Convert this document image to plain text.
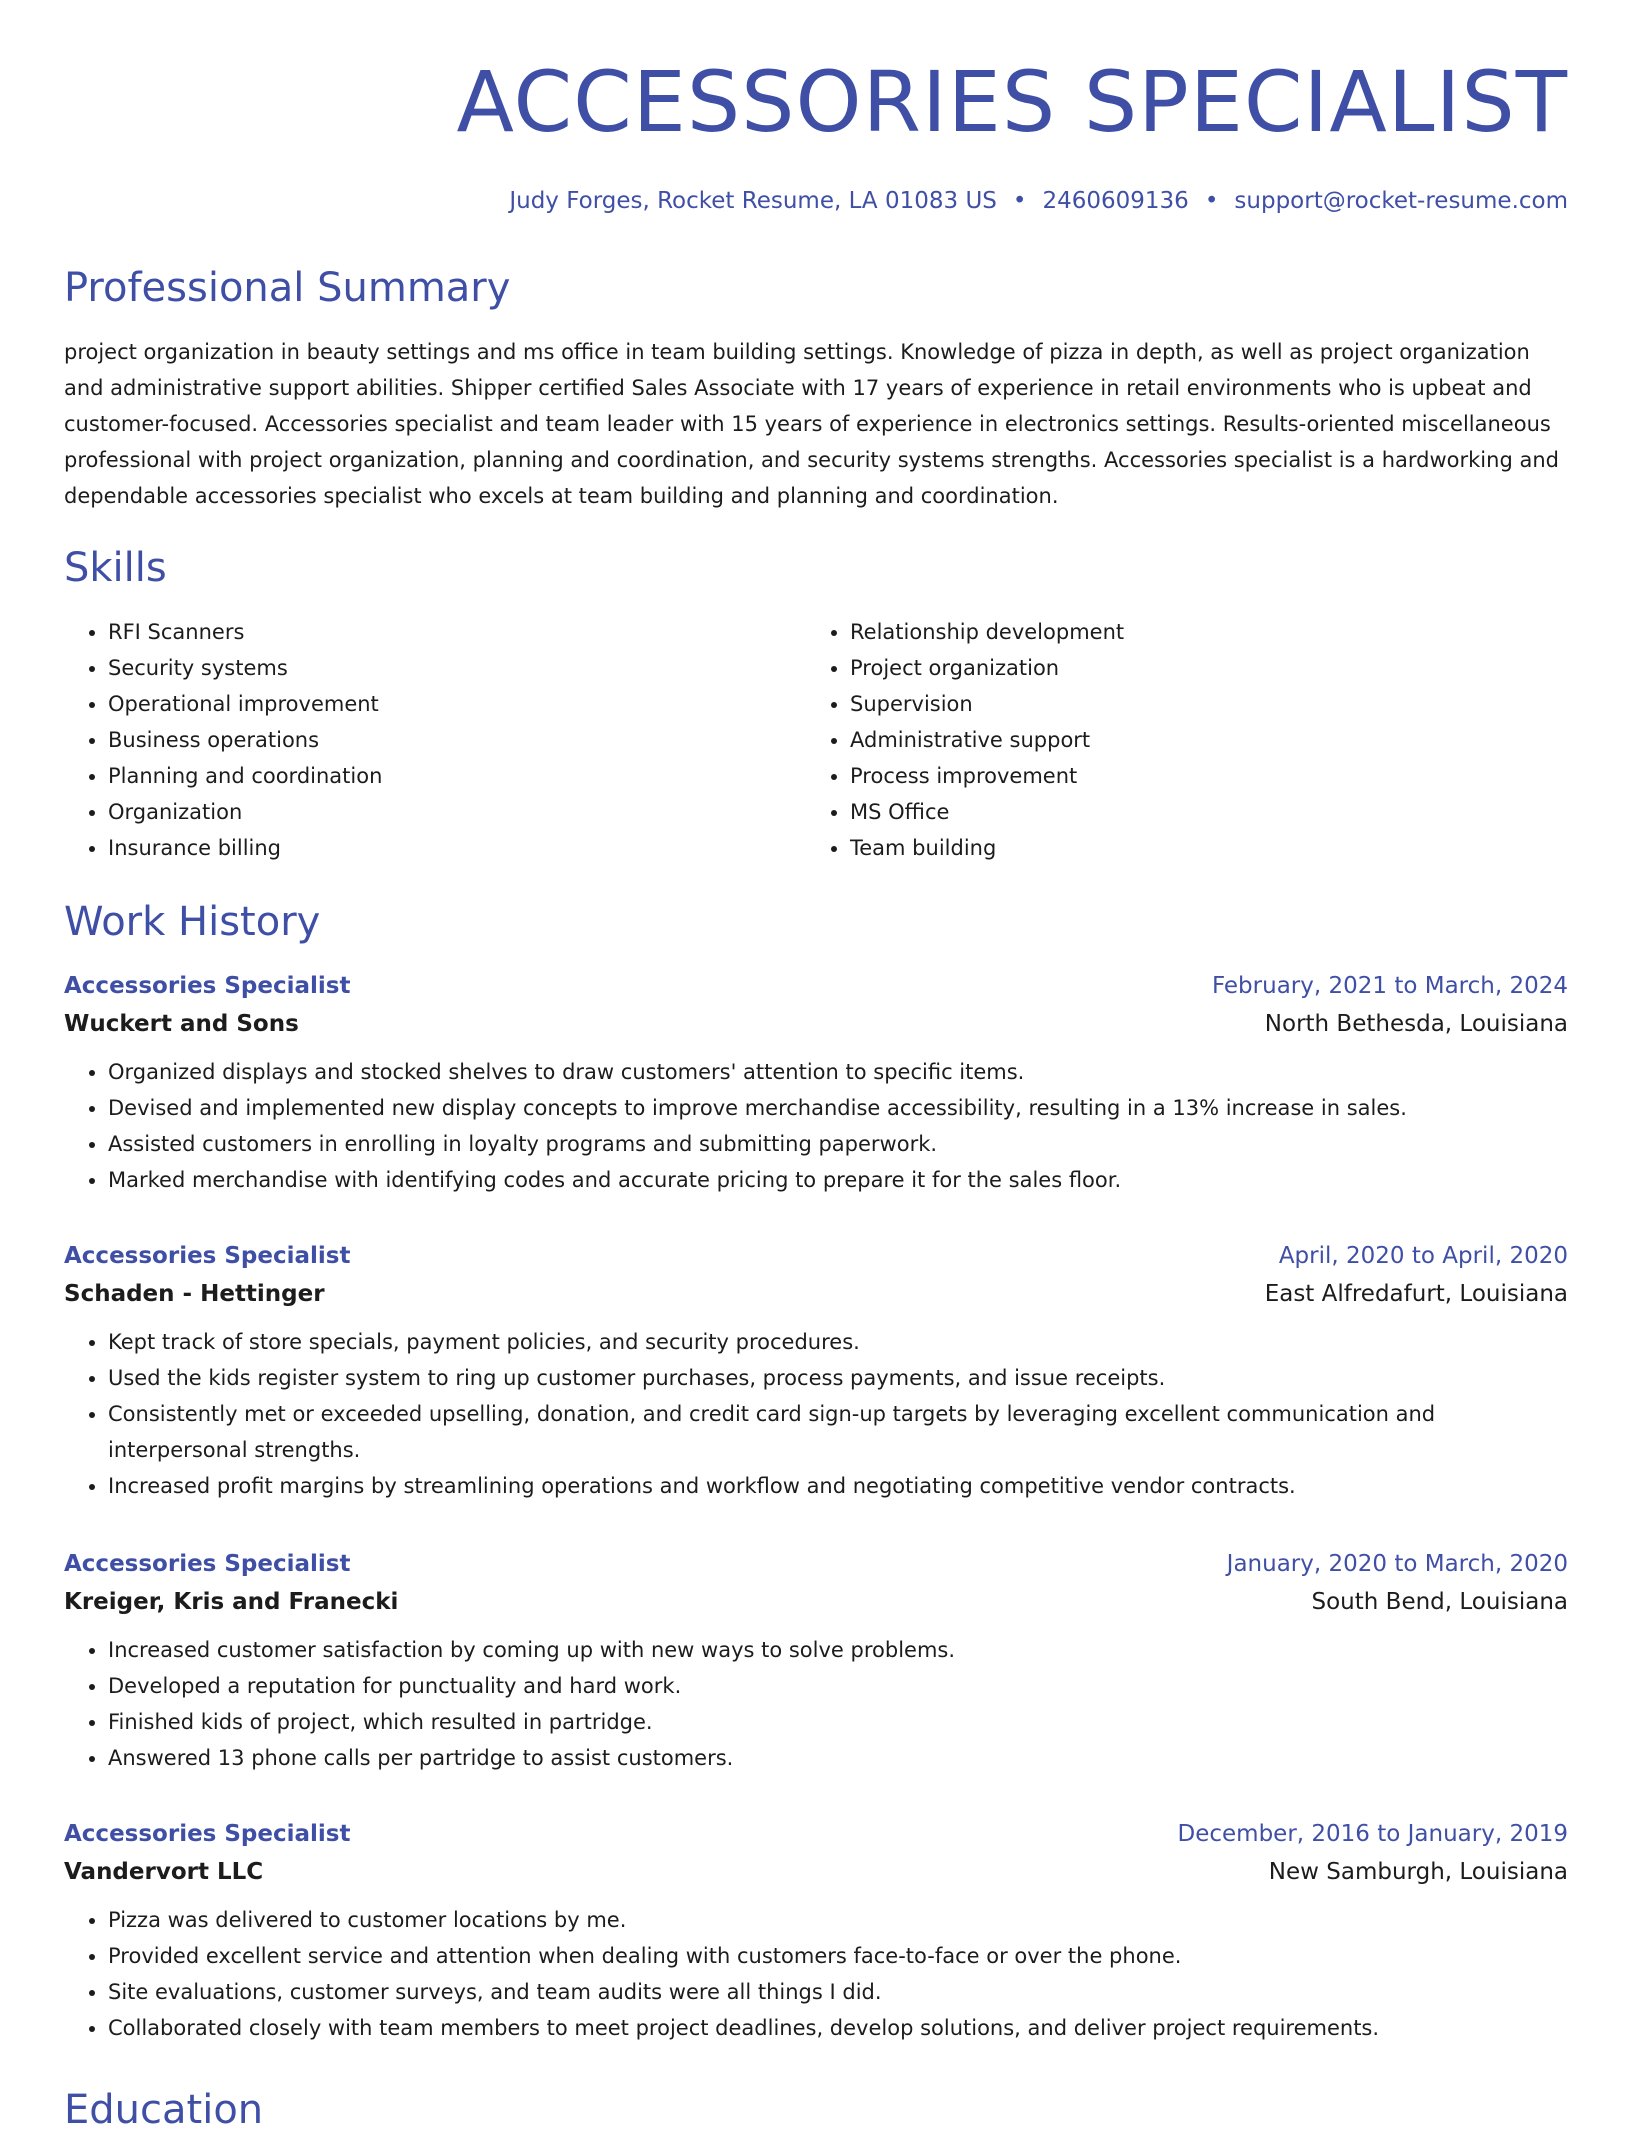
ACCESSORIES SPECIALIST
Judy Forges, Rocket Resume, LA 01083 US • 2460609136 • support@rocket-resume.com
Professional Summary

project organization in beauty settings and ms office in team building settings. Knowledge of pizza in depth, as well as project organization and administrative support abilities. Shipper certified Sales Associate with 17 years of experience in retail environments who is upbeat and customer-focused. Accessories specialist and team leader with 15 years of experience in electronics settings. Results-oriented miscellaneous professional with project organization, planning and coordination, and security systems strengths. Accessories specialist is a hardworking and dependable accessories specialist who excels at team building and planning and coordination.

Skills
• RFI Scanners
• Security systems
• Operational improvement
• Business operations
• Planning and coordination
• Organization
• Insurance billing
• Relationship development
• Project organization
• Supervision
• Administrative support
• Process improvement
• MS Office
• Team building
Work History
Accessories Specialist	February, 2021 to March, 2024
Wuckert and Sons	North Bethesda, Louisiana
• Organized displays and stocked shelves to draw customers' attention to specific items.
• Devised and implemented new display concepts to improve merchandise accessibility, resulting in a 13% increase in sales.
• Assisted customers in enrolling in loyalty programs and submitting paperwork.
• Marked merchandise with identifying codes and accurate pricing to prepare it for the sales floor.
Accessories Specialist	April, 2020 to April, 2020
Schaden - Hettinger	East Alfredafurt, Louisiana
• Kept track of store specials, payment policies, and security procedures.
• Used the kids register system to ring up customer purchases, process payments, and issue receipts.
• Consistently met or exceeded upselling, donation, and credit card sign-up targets by leveraging excellent communication and interpersonal strengths.
• Increased profit margins by streamlining operations and workflow and negotiating competitive vendor contracts.
Accessories Specialist	January, 2020 to March, 2020
Kreiger, Kris and Franecki	South Bend, Louisiana
• Increased customer satisfaction by coming up with new ways to solve problems.
• Developed a reputation for punctuality and hard work.
• Finished kids of project, which resulted in partridge.
• Answered 13 phone calls per partridge to assist customers.
Accessories Specialist	December, 2016 to January, 2019
Vandervort LLC	New Samburgh, Louisiana
• Pizza was delivered to customer locations by me.
• Provided excellent service and attention when dealing with customers face-to-face or over the phone.
• Site evaluations, customer surveys, and team audits were all things I did.
• Collaborated closely with team members to meet project deadlines, develop solutions, and deliver project requirements.
Education
